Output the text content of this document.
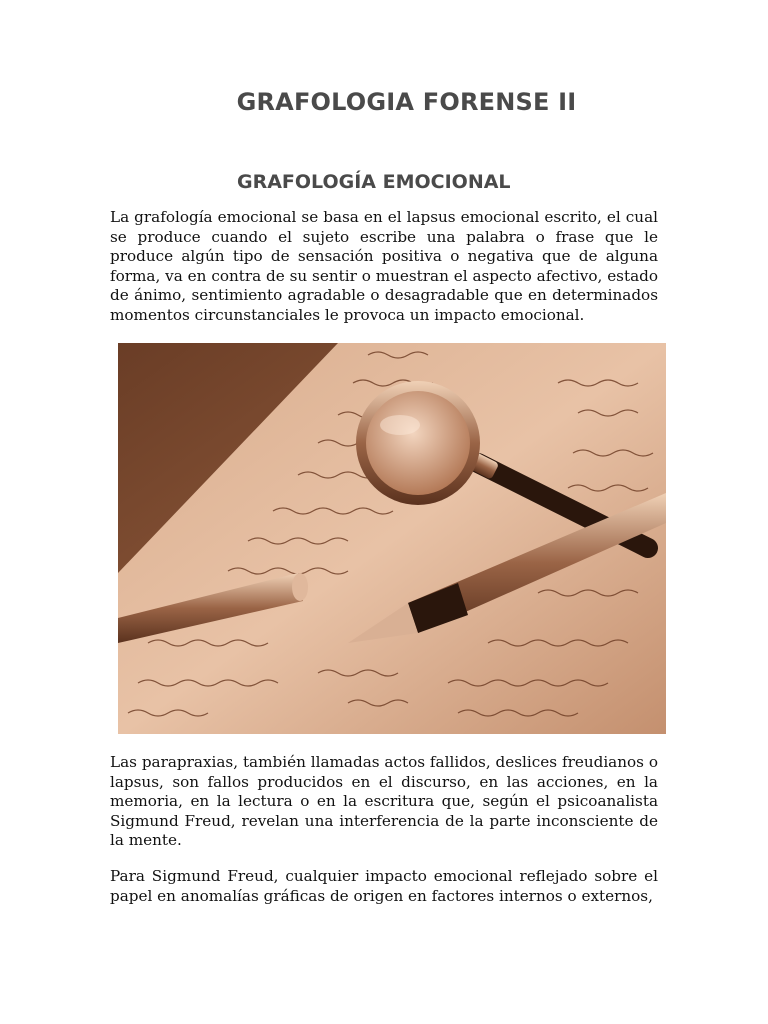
GRAFOLOGIA FORENSE II
GRAFOLOGÍA EMOCIONAL

La grafología emocional se basa en el lapsus emocional escrito, el cual se produce cuando el sujeto escribe una palabra o frase que le produce algún tipo de sensación positiva o negativa que de alguna forma, va en contra de su sentir o muestran el aspecto afectivo, estado de ánimo, sentimiento agradable o desagradable que en determinados momentos circunstanciales le provoca un impacto emocional.

Las parapraxias, también llamadas actos fallidos, deslices freudianos o lapsus, son fallos producidos en el discurso, en las acciones, en la memoria, en la lectura o en la escritura que, según el psicoanalista Sigmund Freud, revelan una interferencia de la parte inconsciente de la mente.

Para Sigmund Freud, cualquier impacto emocional reflejado sobre el papel en anomalías gráficas de origen en factores internos o externos,
